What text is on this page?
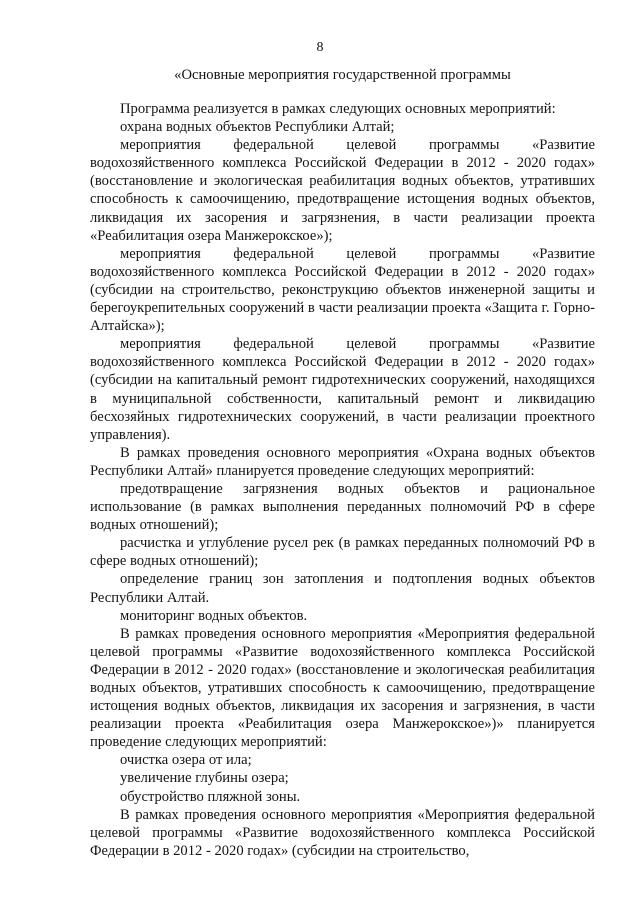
8
«Основные мероприятия государственной программы

Программа реализуется в рамках следующих основных мероприятий:

охрана водных объектов Республики Алтай;

мероприятия федеральной целевой программы «Развитие водохозяйственного комплекса Российской Федерации в 2012 - 2020 годах» (восстановление и экологическая реабилитация водных объектов, утративших способность к самоочищению, предотвращение истощения водных объектов, ликвидация их засорения и загрязнения, в части реализации проекта «Реабилитация озера Манжерокское»);

мероприятия федеральной целевой программы «Развитие водохозяйственного комплекса Российской Федерации в 2012 - 2020 годах» (субсидии на строительство, реконструкцию объектов инженерной защиты и берегоукрепительных сооружений в части реализации проекта «Защита г. Горно-Алтайска»);

мероприятия федеральной целевой программы «Развитие водохозяйственного комплекса Российской Федерации в 2012 - 2020 годах» (субсидии на капитальный ремонт гидротехнических сооружений, находящихся в муниципальной собственности, капитальный ремонт и ликвидацию бесхозяйных гидротехнических сооружений, в части реализации проектного управления).

В рамках проведения основного мероприятия «Охрана водных объектов Республики Алтай» планируется проведение следующих мероприятий:

предотвращение загрязнения водных объектов и рациональное использование (в рамках выполнения переданных полномочий РФ в сфере водных отношений);

расчистка и углубление русел рек (в рамках переданных полномочий РФ в сфере водных отношений);

определение границ зон затопления и подтопления водных объектов Республики Алтай.

мониторинг водных объектов.

В рамках проведения основного мероприятия «Мероприятия федеральной целевой программы «Развитие водохозяйственного комплекса Российской Федерации в 2012 - 2020 годах» (восстановлeние и экологическая реабилитация водных объектов, утративших способность к самоочищению, предотвращение истощения водных объектов, ликвидация их засорения и загрязнения, в части реализации проекта «Реабилитация озера Манжерокское»)» планируется проведение следующих мероприятий:

очистка озера от ила;

увеличение глубины озера;

обустройство пляжной зоны.

В рамках проведения основного мероприятия «Мероприятия федеральной целевой программы «Развитие водохозяйственного комплекса Российской Федерации в 2012 - 2020 годах» (субсидии на строительство,
